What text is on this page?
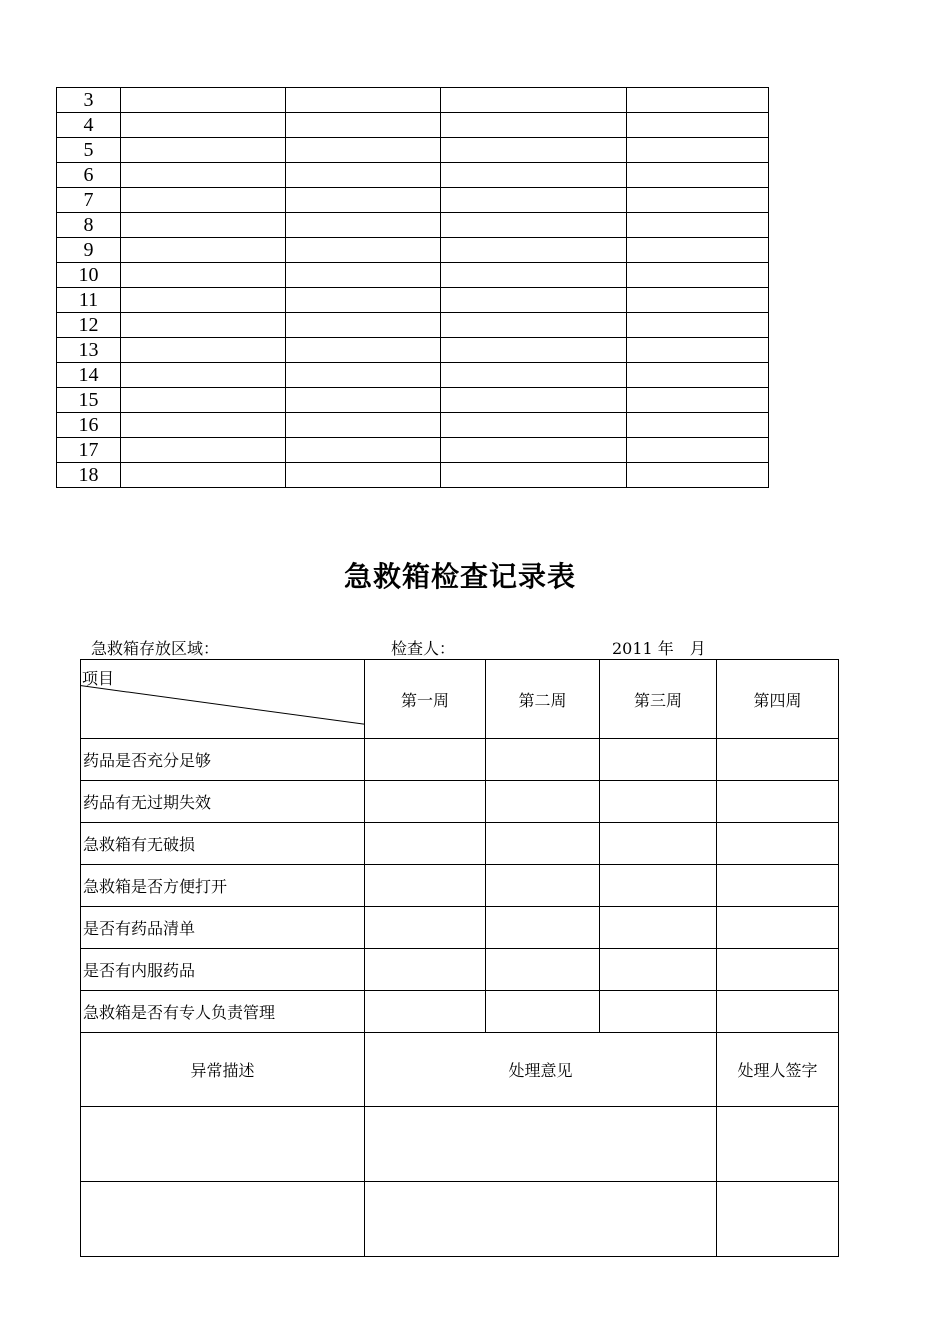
3				
4				
5				
6				
7				
8				
9				
10				
11				
12				
13				
14				
15				
16				
17				
18				
急救箱检查记录表
急救箱存放区域：	检查人：	2011 年　月
项目	第一周	第二周	第三周	第四周
药品是否充分足够				
药品有无过期失效				
急救箱有无破损				
急救箱是否方便打开				
是否有药品清单				
是否有内服药品				
急救箱是否有专人负责管理				
异常描述	处理意见			处理人签字
